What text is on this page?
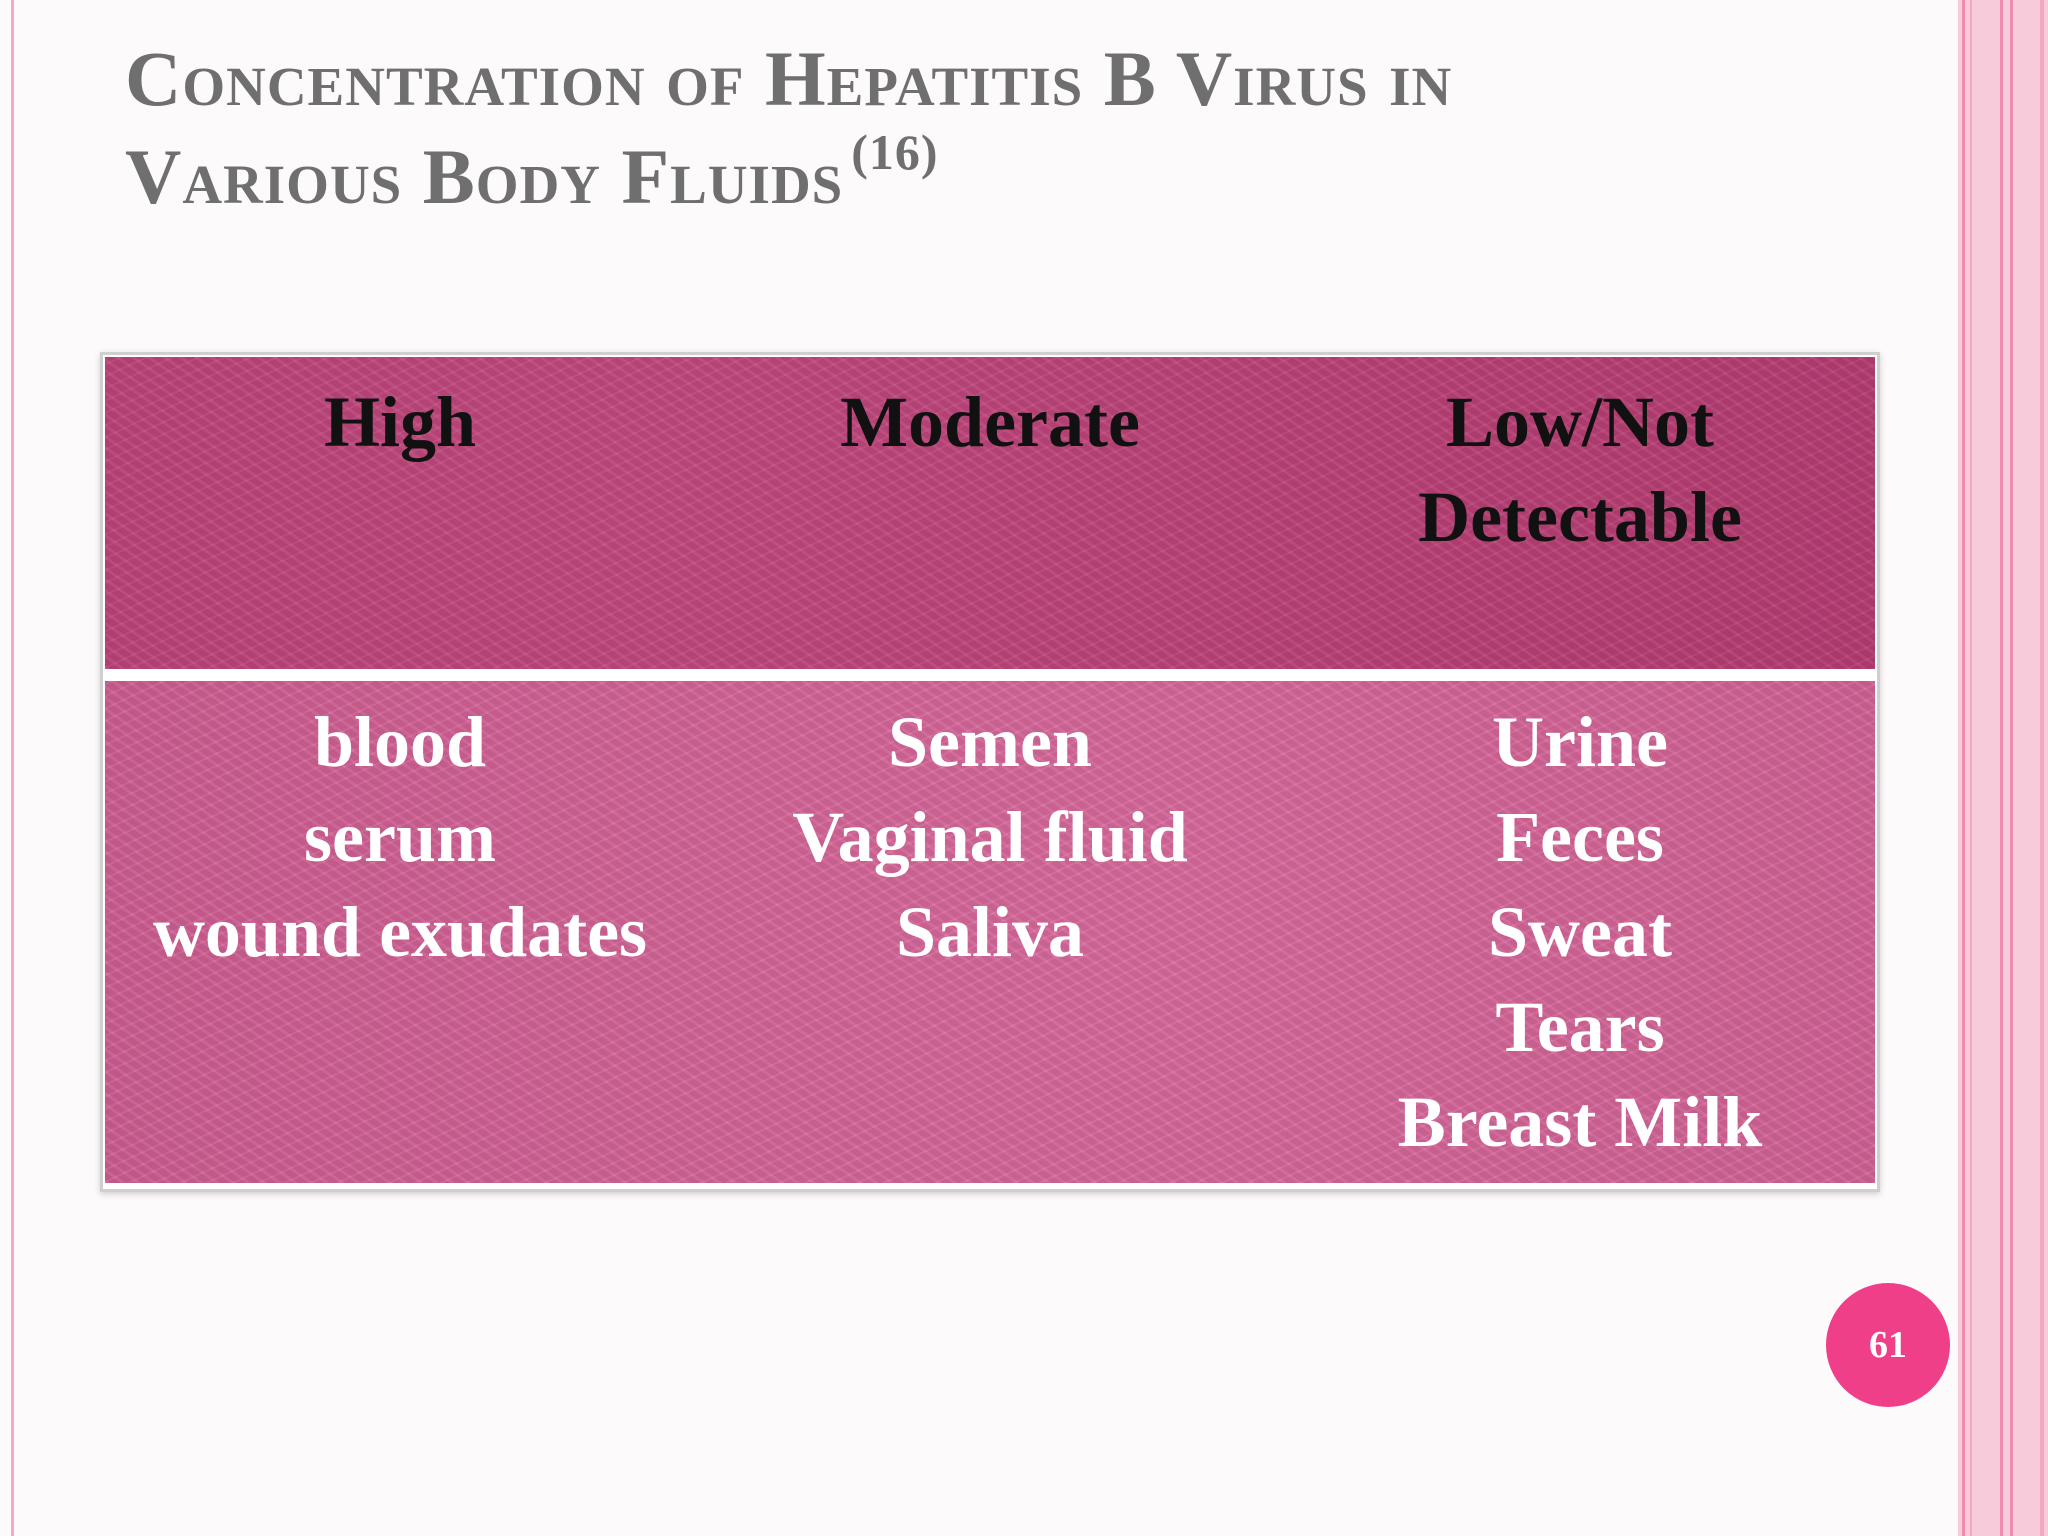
Concentration of Hepatitis B Virus in
Various Body Fluids $^{(16)}$
High	Moderate	Low/Not
Detectable
blood
serum
wound exudates
Semen
Vaginal fluid
Saliva
Urine
Feces
Sweat
Tears
Breast Milk
61
